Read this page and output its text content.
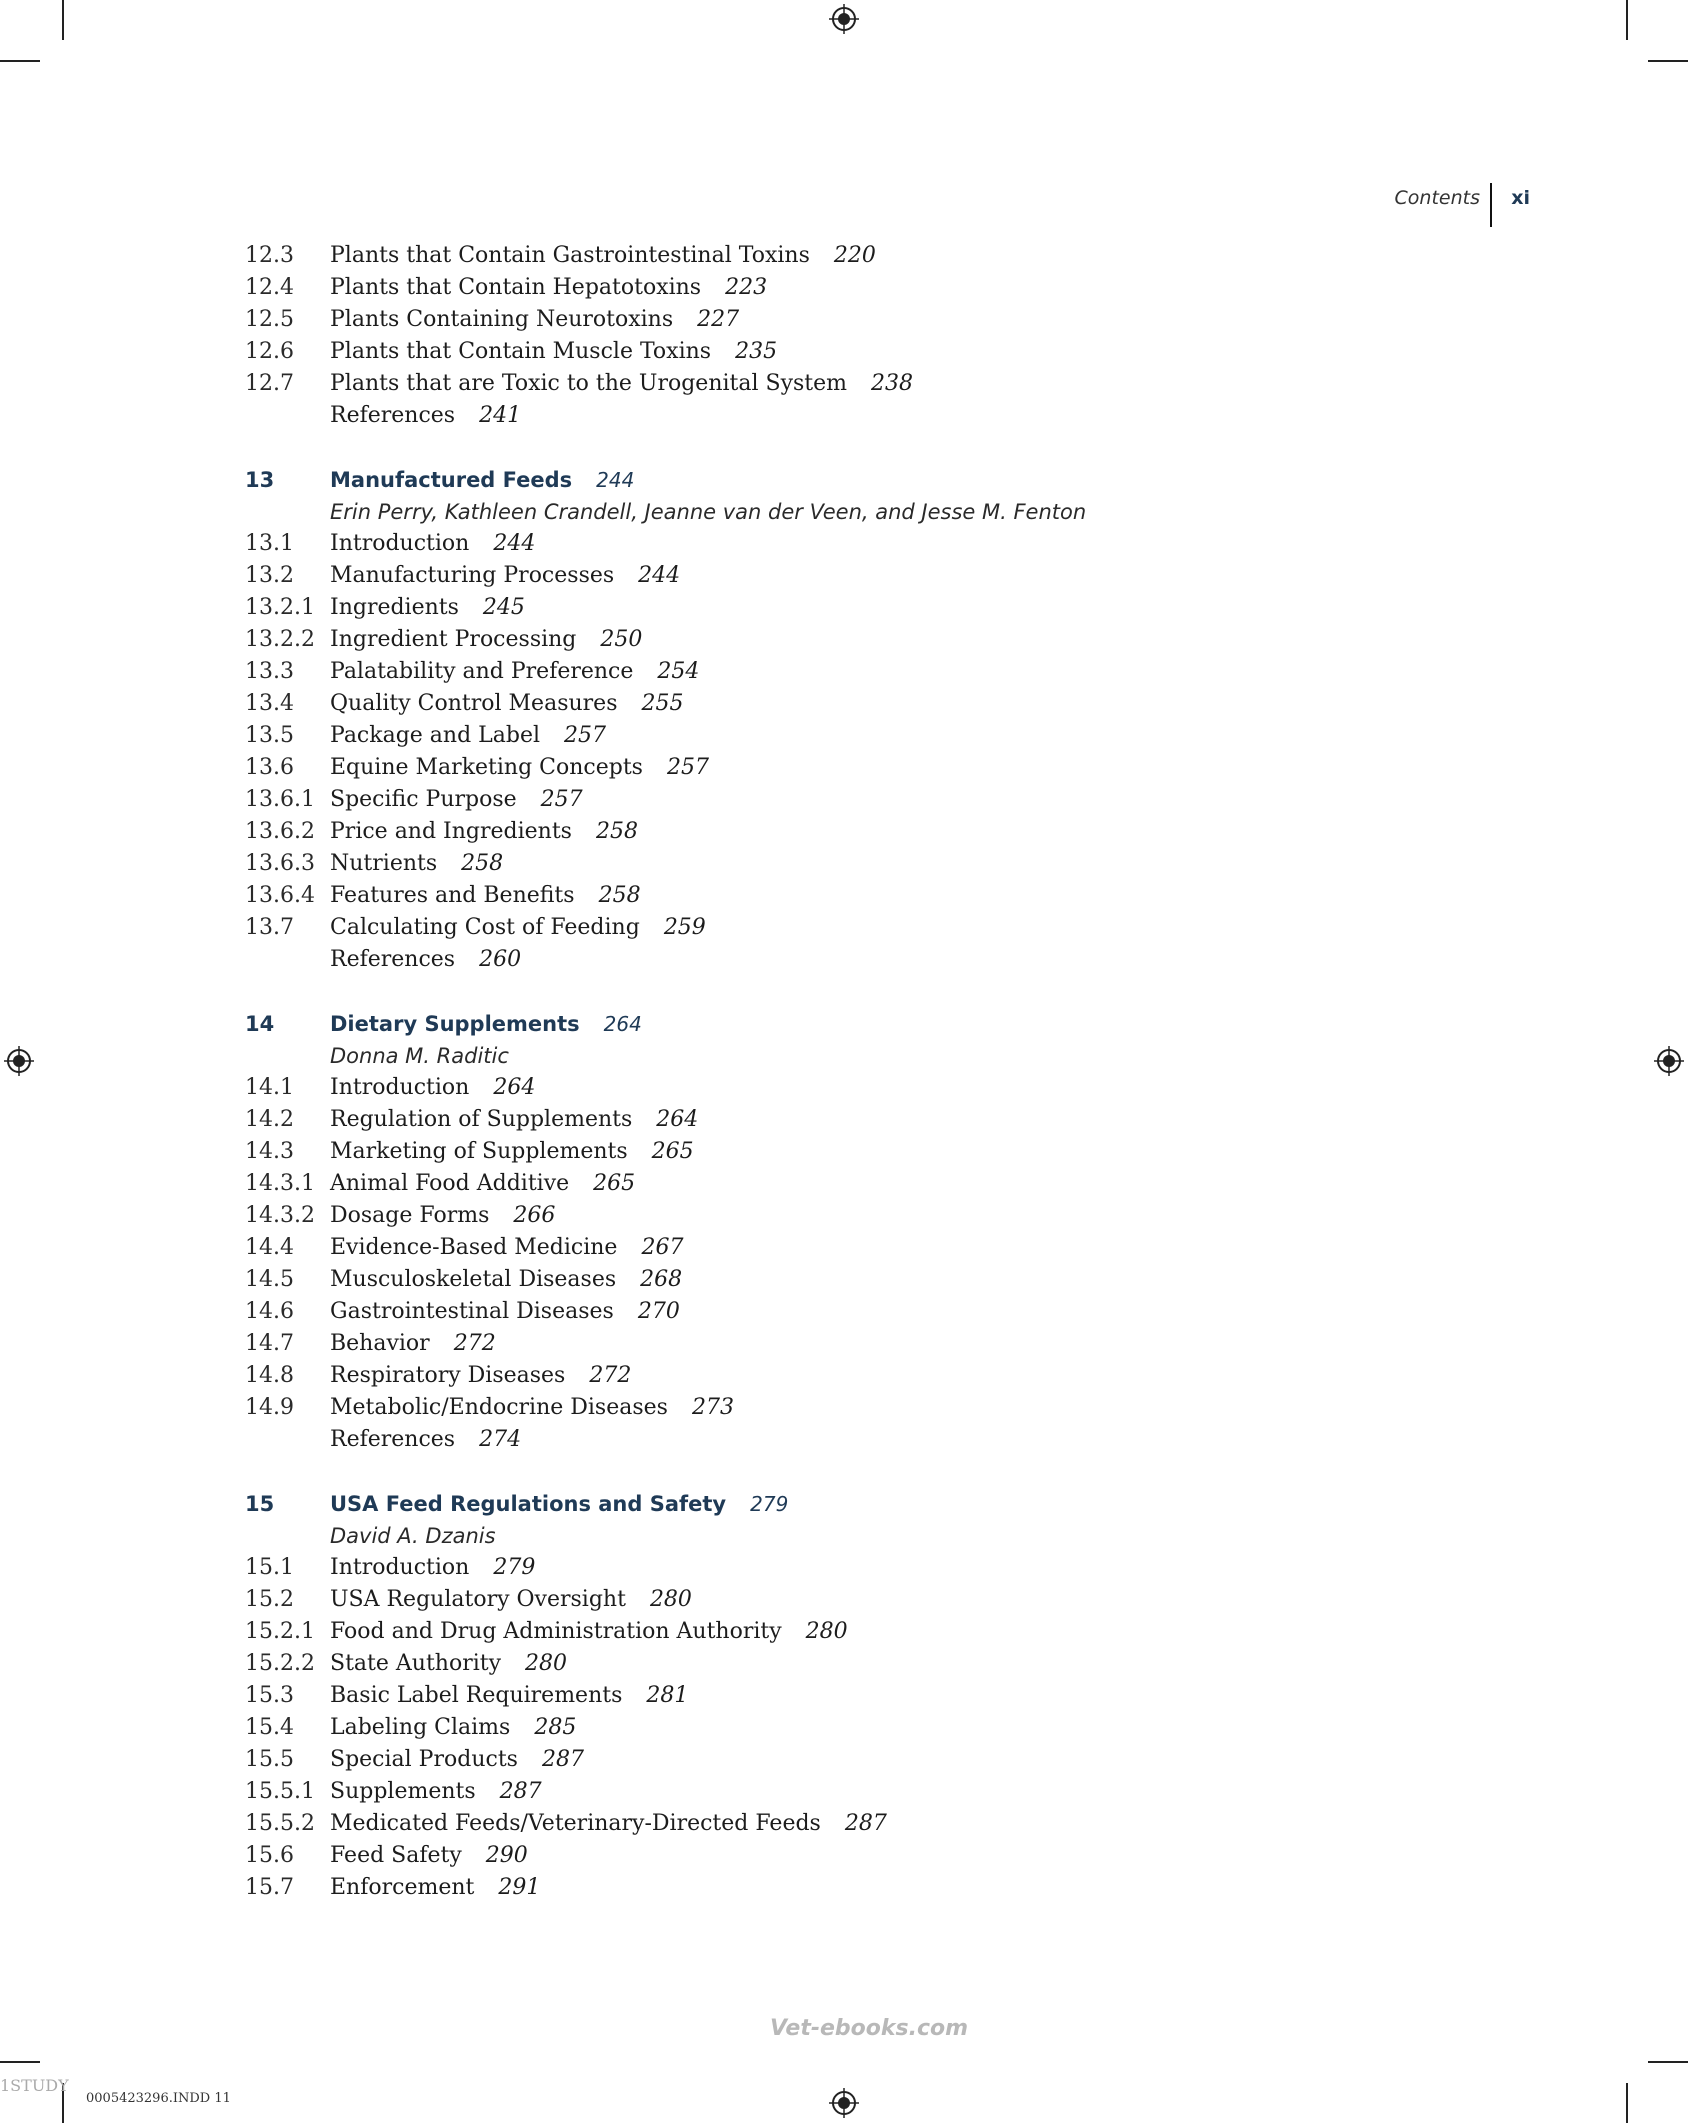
Contents xi
12.3 Plants that Contain Gastrointestinal Toxins 220
12.4 Plants that Contain Hepatotoxins 223
12.5 Plants Containing Neurotoxins 227
12.6 Plants that Contain Muscle Toxins 235
12.7 Plants that are Toxic to the Urogenital System 238
References 241
13	Manufactured Feeds 244
Erin Perry, Kathleen Crandell, Jeanne van der Veen, and Jesse M. Fenton
13.1 Introduction 244
13.2 Manufacturing Processes 244
13.2.1 Ingredients 245
13.2.2 Ingredient Processing 250
13.3 Palatability and Preference 254
13.4 Quality Control Measures 255
13.5 Package and Label 257
13.6 Equine Marketing Concepts 257
13.6.1 Specific Purpose 257
13.6.2 Price and Ingredients 258
13.6.3 Nutrients 258
13.6.4 Features and Benefits 258
13.7 Calculating Cost of Feeding 259
References 260
14	Dietary Supplements 264
Donna M. Raditic
14.1 Introduction 264
14.2 Regulation of Supplements 264
14.3 Marketing of Supplements 265
14.3.1 Animal Food Additive 265
14.3.2 Dosage Forms 266
14.4 Evidence-Based Medicine 267
14.5 Musculoskeletal Diseases 268
14.6 Gastrointestinal Diseases 270
14.7 Behavior 272
14.8 Respiratory Diseases 272
14.9 Metabolic/Endocrine Diseases 273
References 274
15	USA Feed Regulations and Safety 279
David A. Dzanis
15.1 Introduction 279
15.2 USA Regulatory Oversight 280
15.2.1 Food and Drug Administration Authority 280
15.2.2 State Authority 280
15.3 Basic Label Requirements 281
15.4 Labeling Claims 285
15.5 Special Products 287
15.5.1 Supplements 287
15.5.2 Medicated Feeds/Veterinary-Directed Feeds 287
15.6 Feed Safety 290
15.7 Enforcement 291
Vet-ebooks.com
0005423296.INDD 11
1STUDY
